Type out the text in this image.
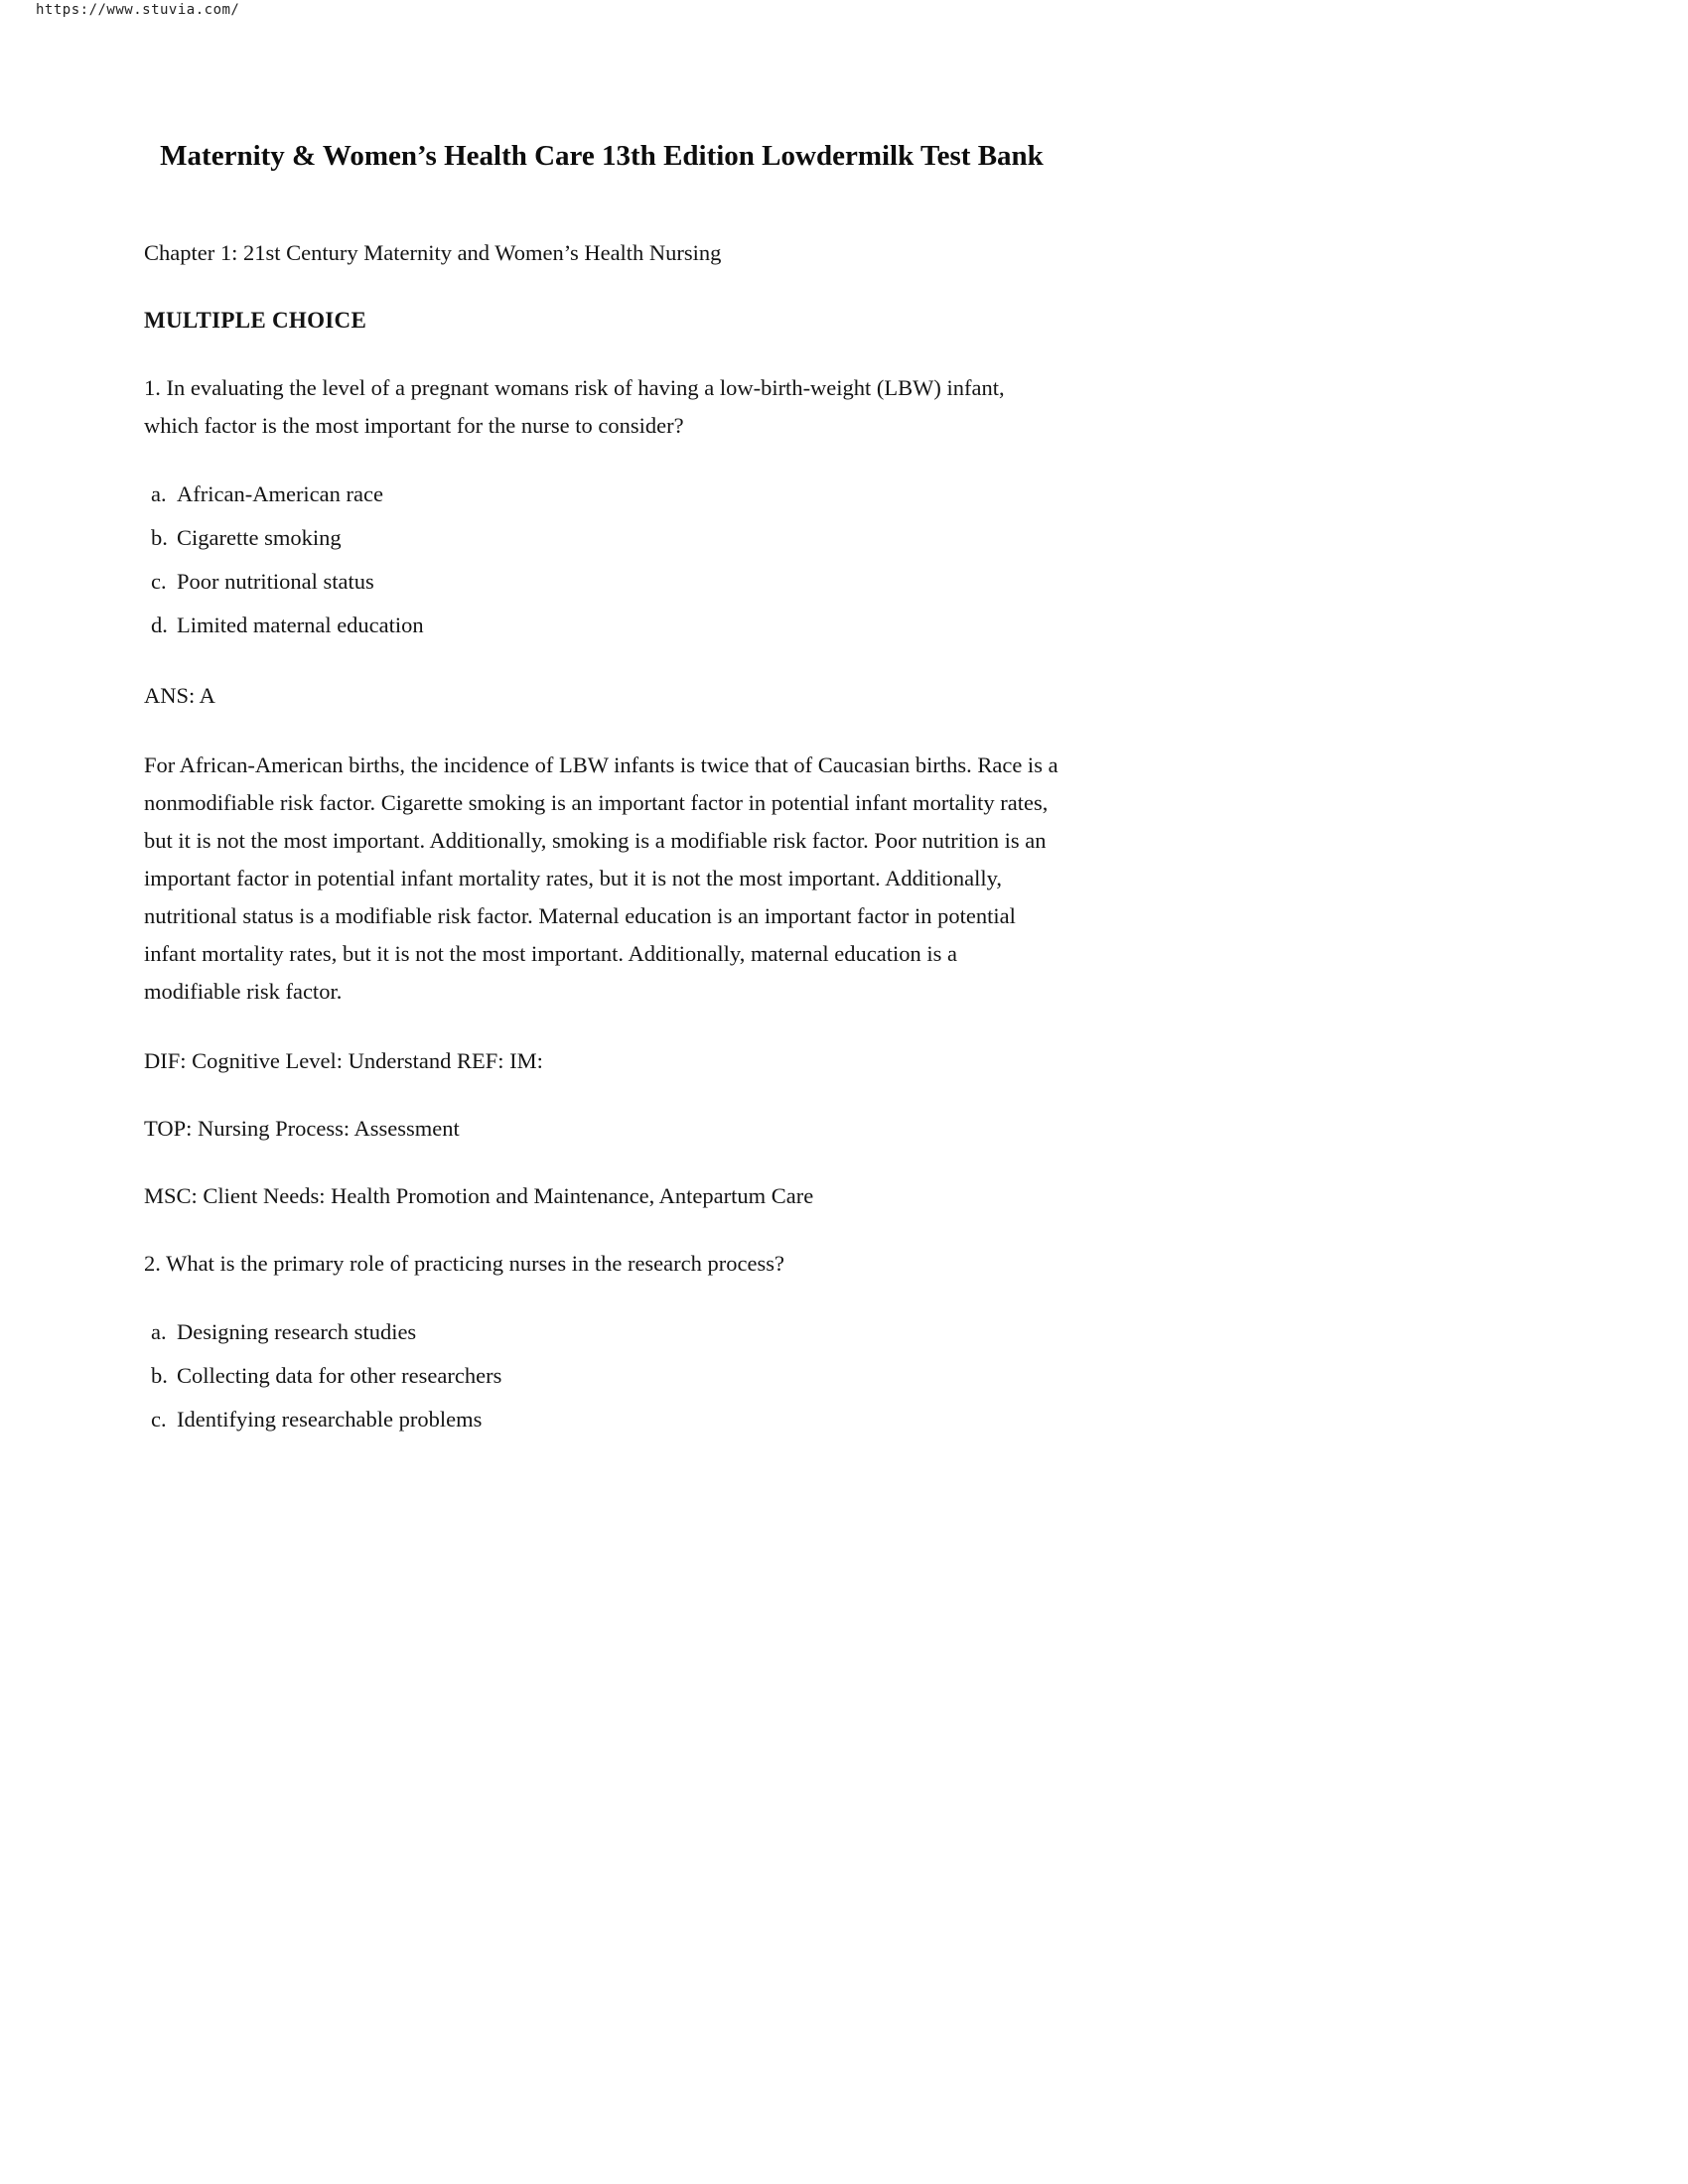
https://www.stuvia.com/
Maternity & Women’s Health Care 13th Edition Lowdermilk Test Bank

Chapter 1: 21st Century Maternity and Women’s Health Nursing

MULTIPLE CHOICE

1. In evaluating the level of a pregnant womans risk of having a low-birth-weight (LBW) infant, which factor is the most important for the nurse to consider?

a. African-American race
b. Cigarette smoking
c. Poor nutritional status
d. Limited maternal education

ANS: A

For African-American births, the incidence of LBW infants is twice that of Caucasian births. Race is a nonmodifiable risk factor. Cigarette smoking is an important factor in potential infant mortality rates, but it is not the most important. Additionally, smoking is a modifiable risk factor. Poor nutrition is an important factor in potential infant mortality rates, but it is not the most important. Additionally, nutritional status is a modifiable risk factor. Maternal education is an important factor in potential infant mortality rates, but it is not the most important. Additionally, maternal education is a modifiable risk factor.

DIF: Cognitive Level: Understand REF: IM:

TOP: Nursing Process: Assessment

MSC: Client Needs: Health Promotion and Maintenance, Antepartum Care

2. What is the primary role of practicing nurses in the research process?

a. Designing research studies
b. Collecting data for other researchers
c. Identifying researchable problems
